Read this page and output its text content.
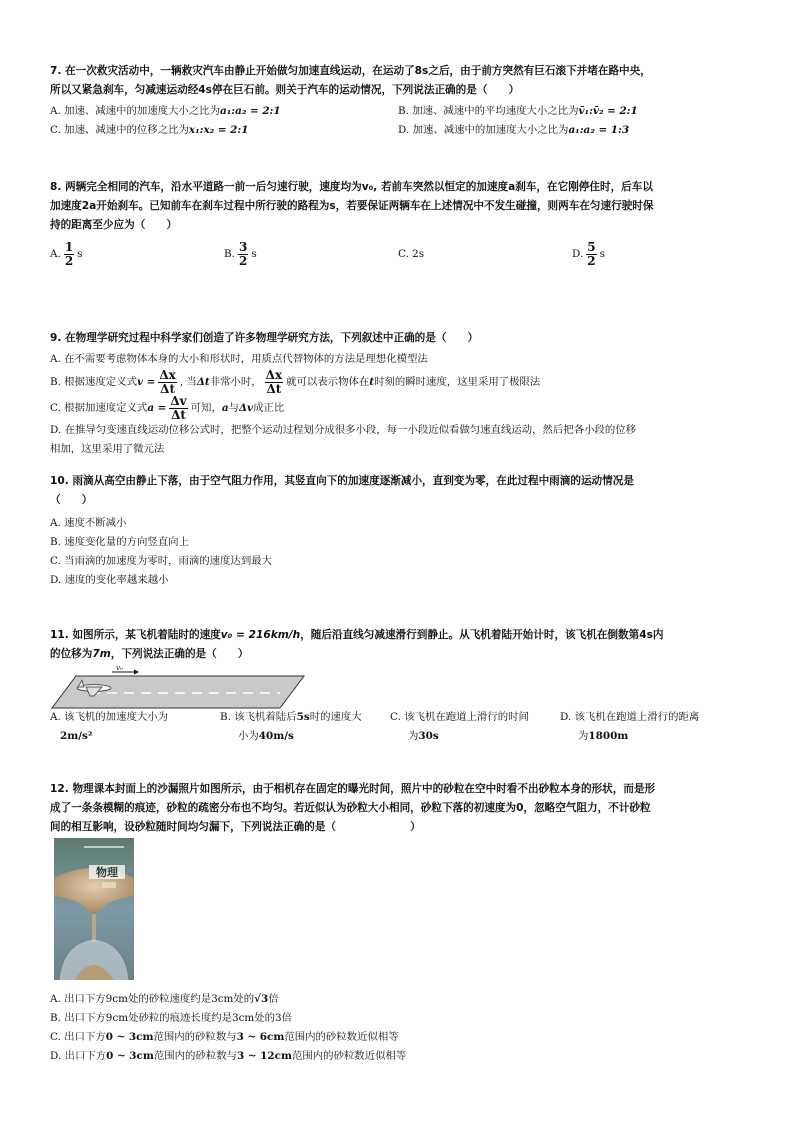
7. 在一次救灾活动中，一辆救灾汽车由静止开始做匀加速直线运动，在运动了8s之后，由于前方突然有巨石滚下并堵在路中央，
所以又紧急刹车，匀减速运动经4s停在巨石前。则关于汽车的运动情况，下列说法正确的是（　　）
A. 加速、减速中的加速度大小之比为a₁:a₂ = 2:1	B. 加速、减速中的平均速度大小之比为v̄₁:v̄₂ = 2:1
C. 加速、减速中的位移之比为x₁:x₂ = 2:1	D. 加速、减速中的加速度大小之比为a₁:a₂ = 1:3
8. 两辆完全相同的汽车，沿水平道路一前一后匀速行驶，速度均为v₀, 若前车突然以恒定的加速度a刹车，在它刚停住时，后车以
加速度2a开始刹车。已知前车在刹车过程中所行驶的路程为s，若要保证两辆车在上述情况中不发生碰撞，则两车在匀速行驶时保
持的距离至少应为（　　）
A. $\frac{1}{2}$ s	B. $\frac{3}{2}$ s	C. 2s	D. $\frac{5}{2}$ s
9. 在物理学研究过程中科学家们创造了许多物理学研究方法，下列叙述中正确的是（　　）
A. 在不需要考虑物体本身的大小和形状时，用质点代替物体的方法是理想化模型法
B. 根据速度定义式 $v = \frac{\Delta x}{\Delta t}$ , 当 Δt 非常小时， $\frac{\Delta x}{\Delta t}$ 就可以表示物体在 t 时刻的瞬时速度，这里采用了极限法
C. 根据加速度定义式 $a = \frac{\Delta v}{\Delta t}$ 可知， a 与 Δv 成正比
D. 在推导匀变速直线运动位移公式时，把整个运动过程划分成很多小段，每一小段近似看做匀速直线运动，然后把各小段的位移
相加，这里采用了微元法
10. 雨滴从高空由静止下落，由于空气阻力作用，其竖直向下的加速度逐渐减小，直到变为零，在此过程中雨滴的运动情况是
（　　）
A. 速度不断减小
B. 速度变化量的方向竖直向上
C. 当雨滴的加速度为零时，雨滴的速度达到最大
D. 速度的变化率越来越小
11. 如图所示，某飞机着陆时的速度v₀ = 216km/h，随后沿直线匀减速滑行到静止。从飞机着陆开始计时，该飞机在倒数第4s内
的位移为7m，下列说法正确的是（　　）
v₀
A. 该飞机的加速度大小为
2m/s²
B. 该飞机着陆后5s时的速度大
小为40m/s
C. 该飞机在跑道上滑行的时间
为30s
D. 该飞机在跑道上滑行的距离
为1800m
12. 物理课本封面上的沙漏照片如图所示，由于相机存在固定的曝光时间，照片中的砂粒在空中时看不出砂粒本身的形状，而是形
成了一条条模糊的痕迹，砂粒的疏密分布也不均匀。若近似认为砂粒大小相同，砂粒下落的初速度为0，忽略空气阻力，不计砂粒
间的相互影响，设砂粒随时间均匀漏下，下列说法正确的是（　　　　　　　）
物理
A. 出口下方9cm处的砂粒速度约是3cm处的√3倍
B. 出口下方9cm处砂粒的痕迹长度约是3cm处的3倍
C. 出口下方0 ~ 3cm范围内的砂粒数与3 ~ 6cm范围内的砂粒数近似相等
D. 出口下方0 ~ 3cm范围内的砂粒数与3 ~ 12cm范围内的砂粒数近似相等
